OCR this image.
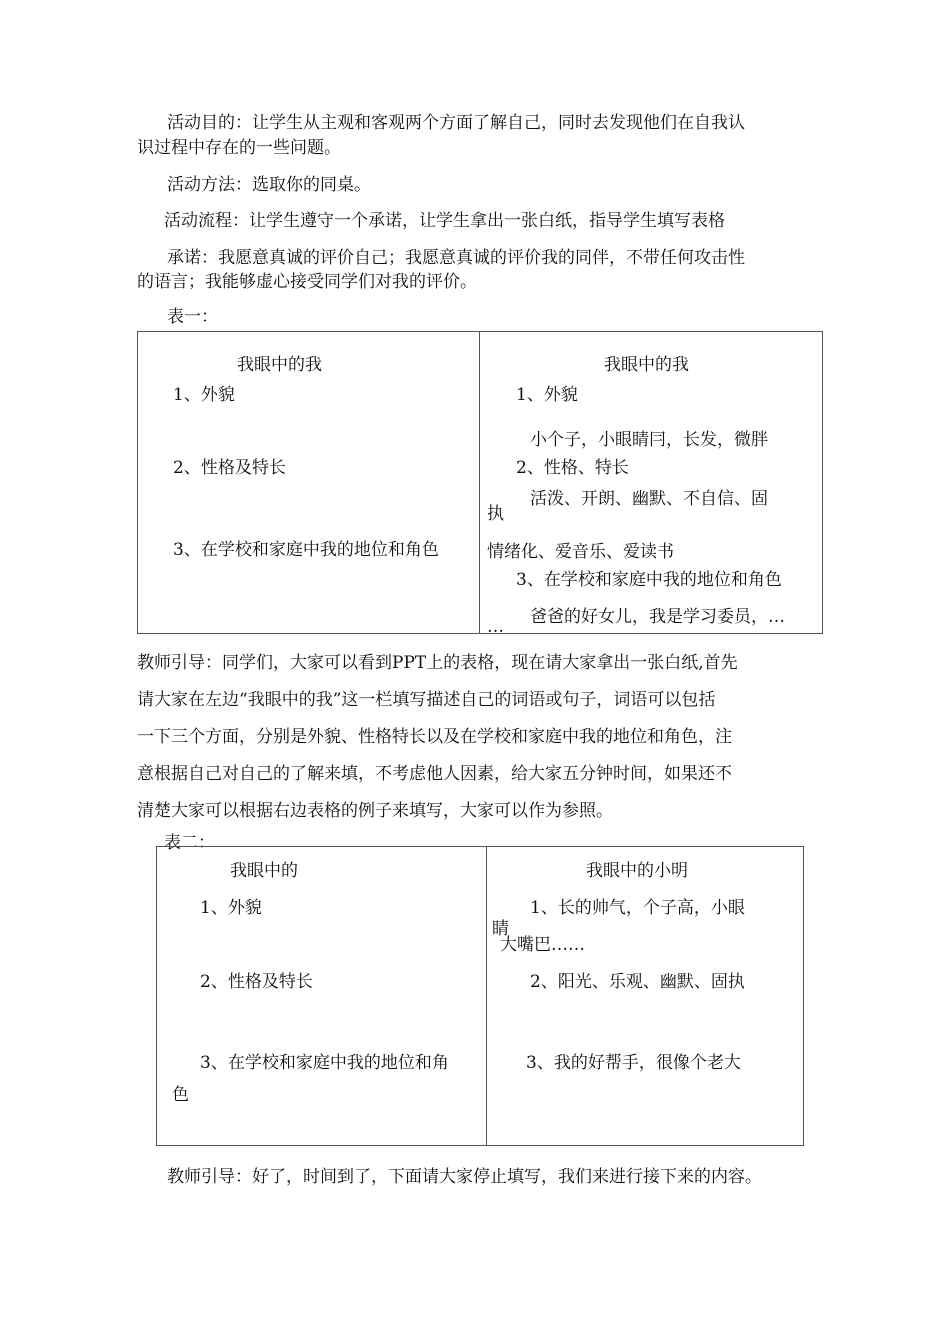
活动目的：让学生从主观和客观两个方面了解自己，同时去发现他们在自我认
识过程中存在的一些问题。
活动方法：选取你的同桌。
活动流程：让学生遵守一个承诺，让学生拿出一张白纸，指导学生填写表格
承诺：我愿意真诚的评价自己；我愿意真诚的评价我的同伴，不带任何攻击性
的语言；我能够虚心接受同学们对我的评价。
表一：
我眼中的我
1、外貌
2、性格及特长
3、在学校和家庭中我的地位和角色
我眼中的我
1、外貌
小个子，小眼睛冃，长发，微胖
2、性格、特长
活泼、开朗、幽默、不自信、固
执
情绪化、爱音乐、爱读书
3、在学校和家庭中我的地位和角色
爸爸的好女儿，我是学习委员，…
…
教师引导：同学们，大家可以看到PPT上的表格，现在请大家拿出一张白纸,首先
请大家在左边“我眼中的我”这一栏填写描述自己的词语或句子，词语可以包括
一下三个方面，分别是外貌、性格特长以及在学校和家庭中我的地位和角色，注
意根据自己对自己的了解来填，不考虑他人因素，给大家五分钟时间，如果还不
清楚大家可以根据右边表格的例子来填写，大家可以作为参照。
表二：
我眼中的
1、外貌
2、性格及特长
3、在学校和家庭中我的地位和角
色
我眼中的小明
1、长的帅气，个子高，小眼
睛
大嘴巴……
2、阳光、乐观、幽默、固执
3、我的好帮手，很像个老大
教师引导：好了，时间到了，下面请大家停止填写，我们来进行接下来的内容。
